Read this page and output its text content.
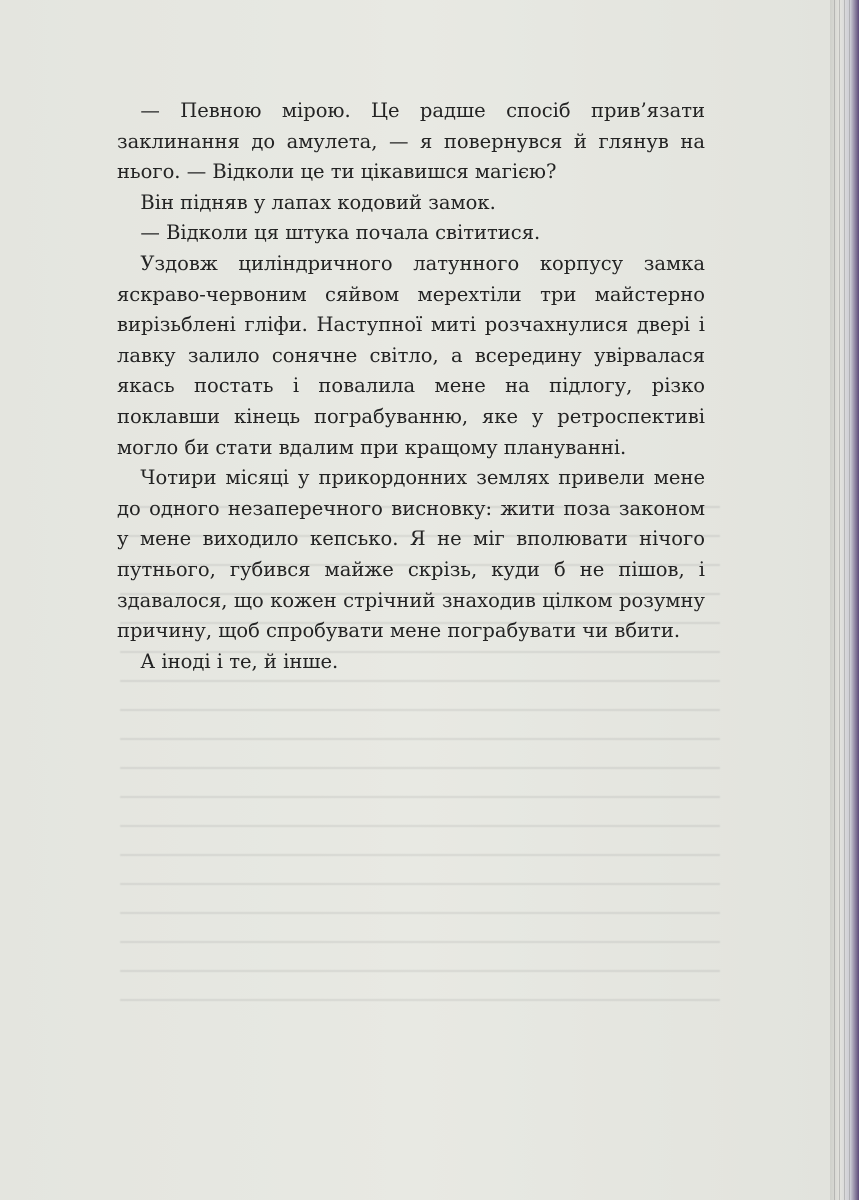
— Певною мірою. Це радше спосіб прив’язати заклинання до амулета, — я повернувся й глянув на нього. — Відколи це ти цікавишся магією?

Він підняв у лапах кодовий замок.

— Відколи ця штука почала світитися.

Уздовж циліндричного латунного корпусу замка яскраво-червоним сяйвом мерехтіли три майстерно вирізьблені гліфи. Наступної миті розчахнулися двері і лавку залило сонячне світло, а всередину увірвалася якась постать і повалила мене на підлогу, різко поклавши кінець пограбуванню, яке у ретроспективі могло би стати вдалим при кращому плануванні.

Чотири місяці у прикордонних землях привели мене до одного незаперечного висновку: жити поза законом у мене виходило кепсько. Я не міг вполювати нічого путнього, губився майже скрізь, куди б не пішов, і здавалося, що кожен стрічний знаходив цілком розумну причину, щоб спробувати мене пограбувати чи вбити.

А іноді і те, й інше.
